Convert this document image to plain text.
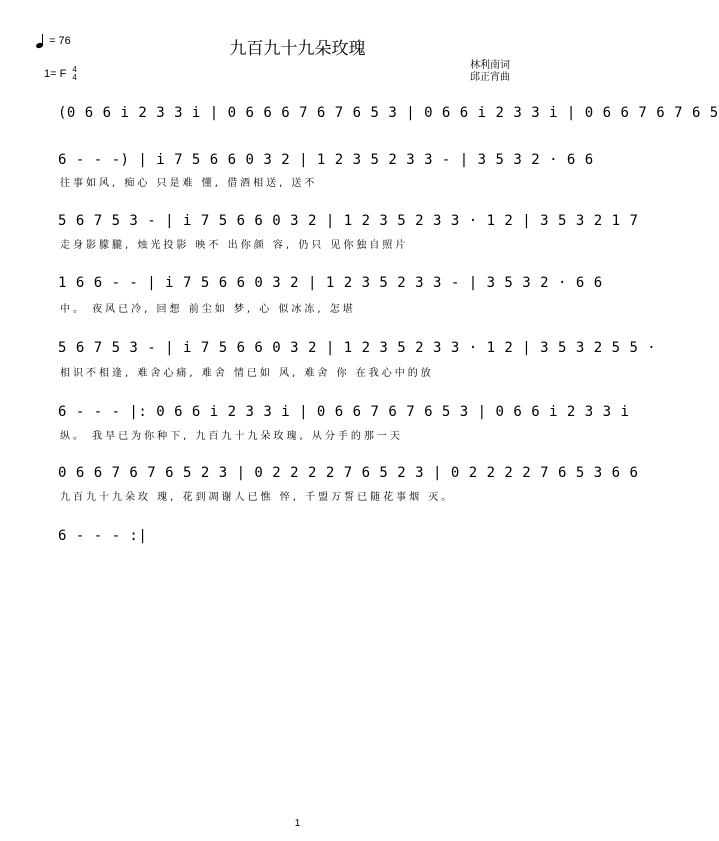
九百九十九朵玫瑰
= 76
1= F 4
4
林利南词
邱正宵曲
(0 6 6 i 2 3 3 i | 0 6 6 6 7 6 7 6 5 3 | 0 6 6 i 2 3 3 i | 0 6 6 7 6 7 6 5
6 - - -) | i 7 5 6 6 0 3 2 | 1 2 3 5 2 3 3 - | 3 5 3 2 · 6 6
往事如风, 痴心 只是难 懂, 借酒相送, 送不
5 6 7 5 3 - | i 7 5 6 6 0 3 2 | 1 2 3 5 2 3 3 · 1 2 | 3 5 3 2 1 7
走身影朦朧, 烛光投影 映不 出你颜 容, 仍只 见你独自照片
1 6 6 - - | i 7 5 6 6 0 3 2 | 1 2 3 5 2 3 3 - | 3 5 3 2 · 6 6
中。 夜风已冷, 回想 前尘如 梦, 心 似冰冻, 怎堪
5 6 7 5 3 - | i 7 5 6 6 0 3 2 | 1 2 3 5 2 3 3 · 1 2 | 3 5 3 2 5 5 ·
相识不相逢, 难舍心痛, 难舍 情已如 风, 难舍 你 在我心中的放
6 - - - |: 0 6 6 i 2 3 3 i | 0 6 6 7 6 7 6 5 3 | 0 6 6 i 2 3 3 i
纵。 我早已为你种下, 九百九十九朵玫瑰, 从分手的那一天
0 6 6 7 6 7 6 5 2 3 | 0 2 2 2 2 7 6 5 2 3 | 0 2 2 2 2 7 6 5 3 6 6
九百九十九朵玫 瑰, 花到凋谢人已憔 悴, 千盟万誓已随花事烟 灭。
6 - - - :|
1
